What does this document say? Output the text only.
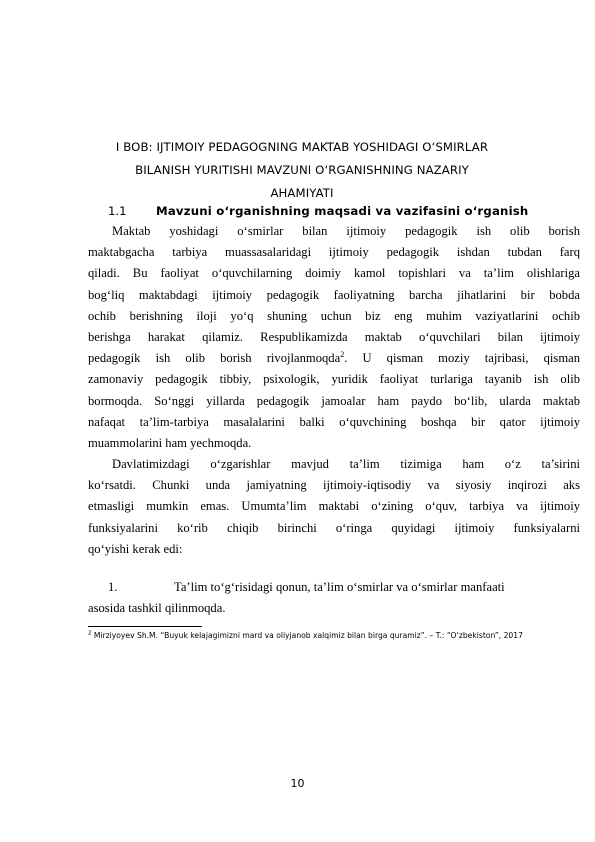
I BOB: IJTIMOIY PEDAGOGNING MAKTAB YOSHIDAGI O‘SMIRLAR
BILANISH YURITISHI MAVZUNI O‘RGANISHNING NAZARIY
AHAMIYATI
1.1	Mavzuni o‘rganishning maqsadi va vazifasini o‘rganish
Maktab yoshidagi o‘smirlar bilan ijtimoiy pedagogik ish olib borish
maktabgacha tarbiya muassasalaridagi ijtimoiy pedagogik ishdan tubdan farq
qiladi. Bu faoliyat o‘quvchilarning doimiy kamol topishlari va ta’lim olishlariga
bog‘liq maktabdagi ijtimoiy pedagogik faoliyatning barcha jihatlarini bir bobda
ochib berishning iloji yo‘q shuning uchun biz eng muhim vaziyatlarini ochib
berishga harakat qilamiz. Respublikamizda maktab o‘quvchilari bilan ijtimoiy
pedagogik ish olib borish rivojlanmoqda$^2$. U qisman moziy tajribasi, qisman
zamonaviy pedagogik tibbiy, psixologik, yuridik faoliyat turlariga tayanib ish olib
bormoqda. So‘nggi yillarda pedagogik jamoalar ham paydo bo‘lib, ularda maktab
nafaqat ta’lim-tarbiya masalalarini balki o‘quvchining boshqa bir qator ijtimoiy
muammolarini ham yechmoqda.
Davlatimizdagi o‘zgarishlar mavjud ta’lim tizimiga ham o‘z ta’sirini
ko‘rsatdi. Chunki unda jamiyatning ijtimoiy-iqtisodiy va siyosiy inqirozi aks
etmasligi mumkin emas. Umumta’lim maktabi o‘zining o‘quv, tarbiya va ijtimoiy
funksiyalarini ko‘rib chiqib birinchi o‘ringa quyidagi ijtimoiy funksiyalarni
qo‘yishi kerak edi:
1.	Ta’lim to‘g‘risidagi qonun, ta’lim o‘smirlar va o‘smirlar manfaati
asosida tashkil qilinmoqda.
$^2$ Mirziyoyev Sh.M. “Buyuk kelajagimizni mard va oliyjanob xalqimiz bilan birga quramiz”. – T.: “O‘zbekiston”, 2017
10
